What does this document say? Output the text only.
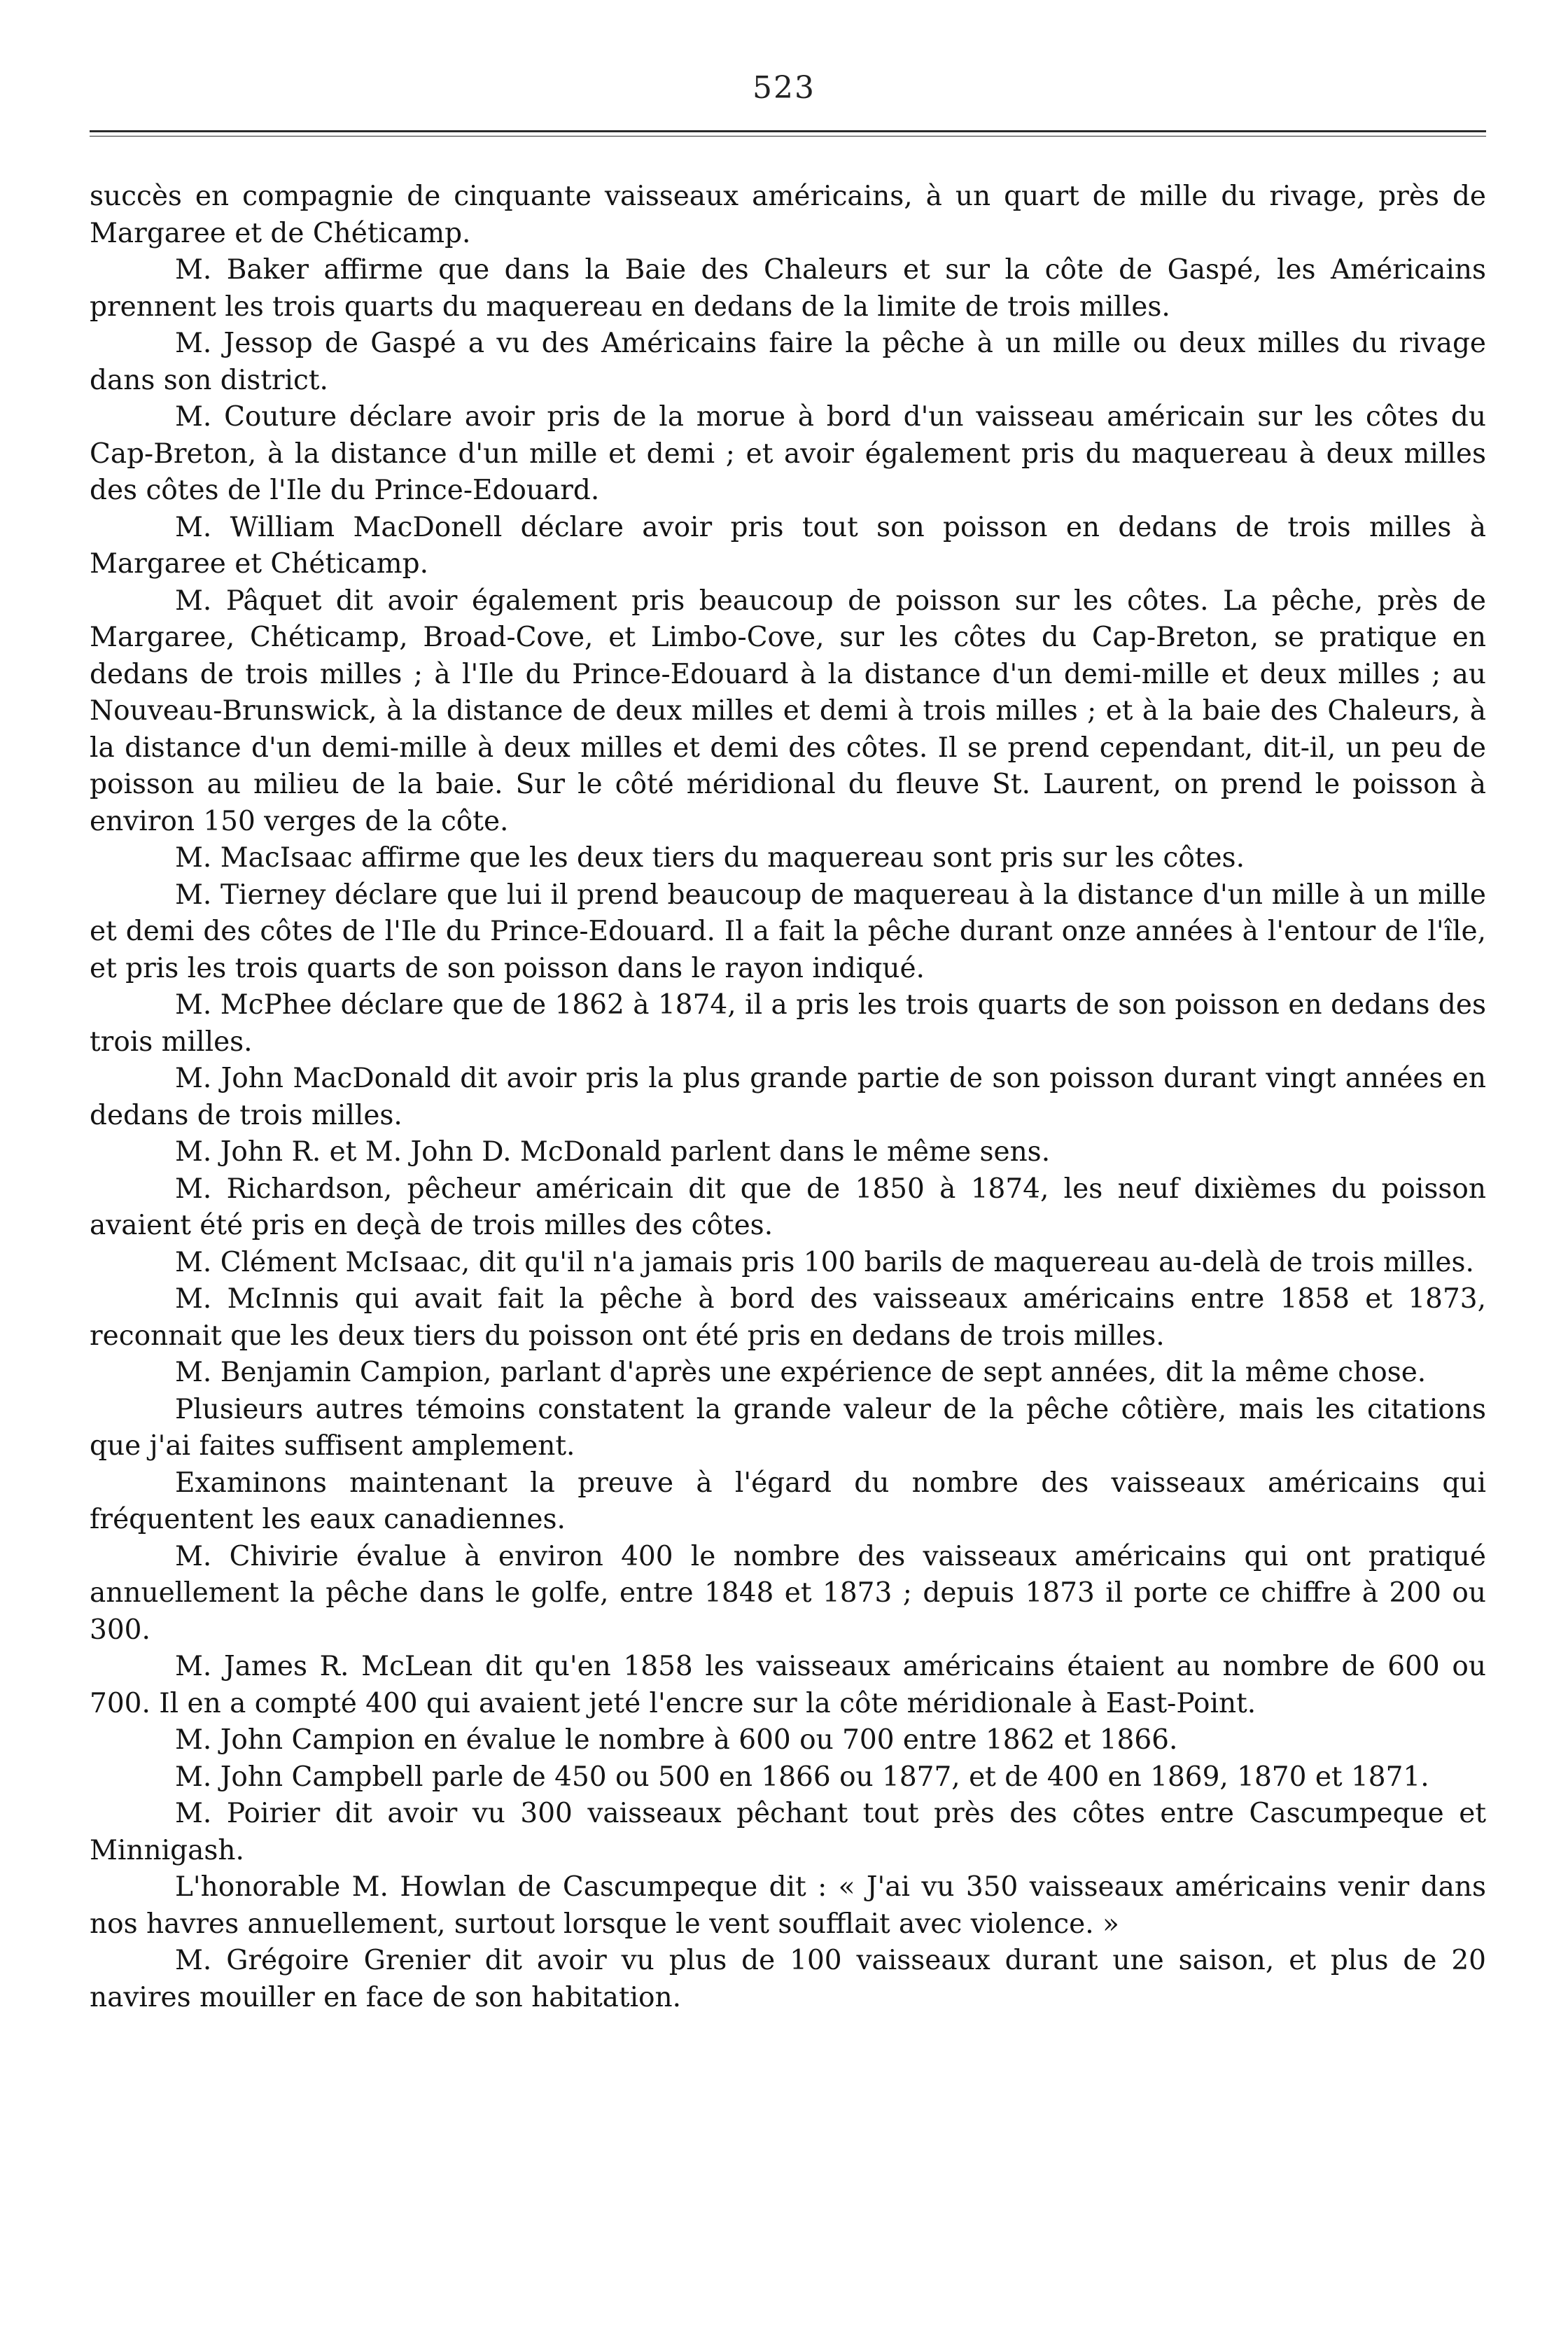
523

succès en compagnie de cinquante vaisseaux américains, à un quart de mille du rivage, près de Margaree et de Chéticamp.

M. Baker affirme que dans la Baie des Chaleurs et sur la côte de Gaspé, les Américains prennent les trois quarts du maquereau en dedans de la limite de trois milles.

M. Jessop de Gaspé a vu des Américains faire la pêche à un mille ou deux milles du rivage dans son district.

M. Couture déclare avoir pris de la morue à bord d'un vaisseau américain sur les côtes du Cap-Breton, à la distance d'un mille et demi ; et avoir également pris du maquereau à deux milles des côtes de l'Ile du Prince-Edouard.

M. William MacDonell déclare avoir pris tout son poisson en dedans de trois milles à Margaree et Chéticamp.

M. Pâquet dit avoir également pris beaucoup de poisson sur les côtes. La pêche, près de Margaree, Chéticamp, Broad-Cove, et Limbo-Cove, sur les côtes du Cap-Breton, se pratique en dedans de trois milles ; à l'Ile du Prince-Edouard à la distance d'un demi-mille et deux milles ; au Nouveau-Brunswick, à la distance de deux milles et demi à trois milles ; et à la baie des Chaleurs, à la distance d'un demi-mille à deux milles et demi des côtes. Il se prend cependant, dit-il, un peu de poisson au milieu de la baie. Sur le côté méridional du fleuve St. Laurent, on prend le poisson à environ 150 verges de la côte.

M. MacIsaac affirme que les deux tiers du maquereau sont pris sur les côtes.

M. Tierney déclare que lui il prend beaucoup de maquereau à la distance d'un mille à un mille et demi des côtes de l'Ile du Prince-Edouard. Il a fait la pêche durant onze années à l'entour de l'île, et pris les trois quarts de son poisson dans le rayon indiqué.

M. McPhee déclare que de 1862 à 1874, il a pris les trois quarts de son poisson en dedans des trois milles.

M. John MacDonald dit avoir pris la plus grande partie de son poisson durant vingt années en dedans de trois milles.

M. John R. et M. John D. McDonald parlent dans le même sens.

M. Richardson, pêcheur américain dit que de 1850 à 1874, les neuf dixièmes du poisson avaient été pris en deçà de trois milles des côtes.

M. Clément McIsaac, dit qu'il n'a jamais pris 100 barils de maquereau au-delà de trois milles.

M. McInnis qui avait fait la pêche à bord des vaisseaux américains entre 1858 et 1873, reconnait que les deux tiers du poisson ont été pris en dedans de trois milles.

M. Benjamin Campion, parlant d'après une expérience de sept années, dit la même chose.

Plusieurs autres témoins constatent la grande valeur de la pêche côtière, mais les citations que j'ai faites suffisent amplement.

Examinons maintenant la preuve à l'égard du nombre des vaisseaux américains qui fréquentent les eaux canadiennes.

M. Chivirie évalue à environ 400 le nombre des vaisseaux américains qui ont pratiqué annuellement la pêche dans le golfe, entre 1848 et 1873 ; depuis 1873 il porte ce chiffre à 200 ou 300.

M. James R. McLean dit qu'en 1858 les vaisseaux américains étaient au nombre de 600 ou 700. Il en a compté 400 qui avaient jeté l'encre sur la côte méridionale à East-Point.

M. John Campion en évalue le nombre à 600 ou 700 entre 1862 et 1866.

M. John Campbell parle de 450 ou 500 en 1866 ou 1877, et de 400 en 1869, 1870 et 1871.

M. Poirier dit avoir vu 300 vaisseaux pêchant tout près des côtes entre Cascumpeque et Minnigash.

L'honorable M. Howlan de Cascumpeque dit : « J'ai vu 350 vaisseaux américains venir dans nos havres annuellement, surtout lorsque le vent soufflait avec violence. »

M. Grégoire Grenier dit avoir vu plus de 100 vaisseaux durant une saison, et plus de 20 navires mouiller en face de son habitation.
